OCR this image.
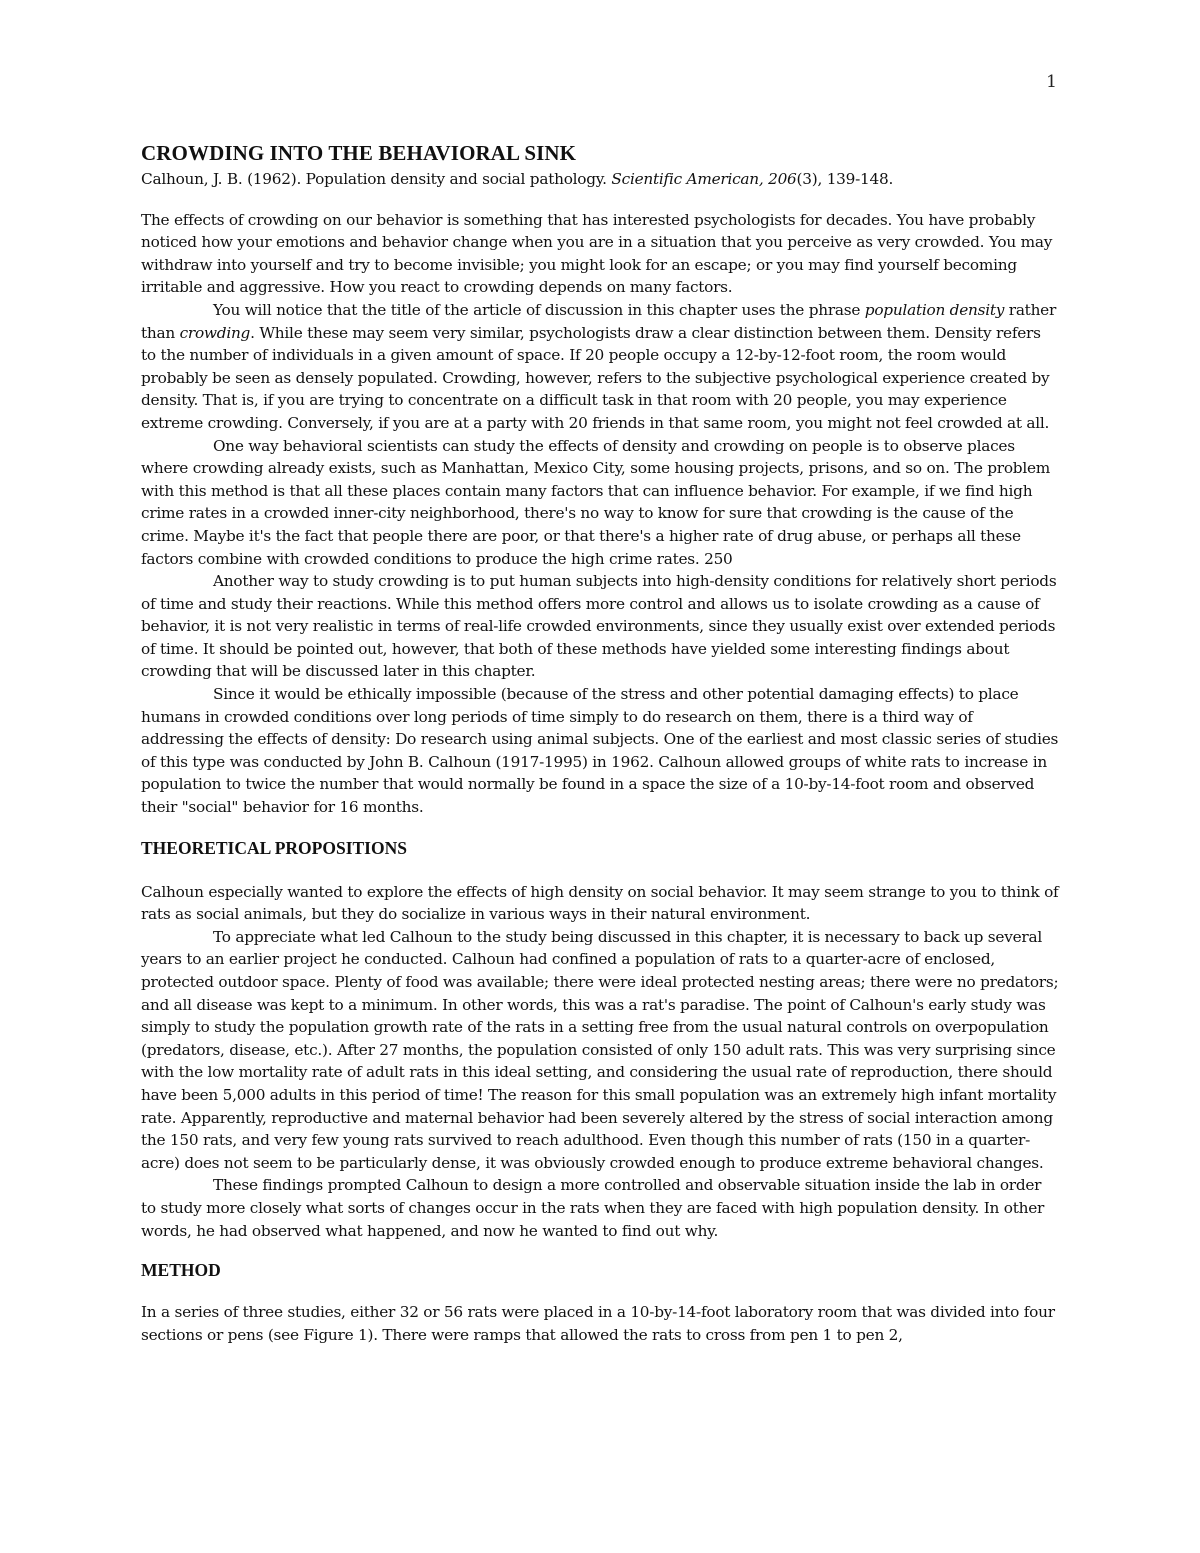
1
CROWDING INTO THE BEHAVIORAL SINK

Calhoun, J. B. (1962). Population density and social pathology. Scientific American, 206(3), 139-148.

The effects of crowding on our behavior is something that has interested psychologists for decades. You have probably noticed how your emotions and behavior change when you are in a situation that you perceive as very crowded. You may withdraw into yourself and try to become invisible; you might look for an escape; or you may find yourself becoming irritable and aggressive. How you react to crowding depends on many factors.

You will notice that the title of the article of discussion in this chapter uses the phrase population density rather than crowding. While these may seem very similar, psychologists draw a clear distinction between them. Density refers to the number of individuals in a given amount of space. If 20 people occupy a 12-by-12-foot room, the room would probably be seen as densely populated. Crowding, however, refers to the subjective psychological experience created by density. That is, if you are trying to concentrate on a difficult task in that room with 20 people, you may experience extreme crowding. Conversely, if you are at a party with 20 friends in that same room, you might not feel crowded at all.

One way behavioral scientists can study the effects of density and crowding on people is to observe places where crowding already exists, such as Manhattan, Mexico City, some housing projects, prisons, and so on. The problem with this method is that all these places contain many factors that can influence behavior. For example, if we find high crime rates in a crowded inner-city neighborhood, there's no way to know for sure that crowding is the cause of the crime. Maybe it's the fact that people there are poor, or that there's a higher rate of drug abuse, or perhaps all these factors combine with crowded conditions to produce the high crime rates. 250

Another way to study crowding is to put human subjects into high-density conditions for relatively short periods of time and study their reactions. While this method offers more control and allows us to isolate crowding as a cause of behavior, it is not very realistic in terms of real-life crowded environments, since they usually exist over extended periods of time. It should be pointed out, however, that both of these methods have yielded some interesting findings about crowding that will be discussed later in this chapter.

Since it would be ethically impossible (because of the stress and other potential damaging effects) to place humans in crowded conditions over long periods of time simply to do research on them, there is a third way of addressing the effects of density: Do research using animal subjects. One of the earliest and most classic series of studies of this type was conducted by John B. Calhoun (1917-1995) in 1962. Calhoun allowed groups of white rats to increase in population to twice the number that would normally be found in a space the size of a 10-by-14-foot room and observed their "social" behavior for 16 months.

THEORETICAL PROPOSITIONS

Calhoun especially wanted to explore the effects of high density on social behavior. It may seem strange to you to think of rats as social animals, but they do socialize in various ways in their natural environment.

To appreciate what led Calhoun to the study being discussed in this chapter, it is necessary to back up several years to an earlier project he conducted. Calhoun had confined a population of rats to a quarter-acre of enclosed, protected outdoor space. Plenty of food was available; there were ideal protected nesting areas; there were no predators; and all disease was kept to a minimum. In other words, this was a rat's paradise. The point of Calhoun's early study was simply to study the population growth rate of the rats in a setting free from the usual natural controls on overpopulation (predators, disease, etc.). After 27 months, the population consisted of only 150 adult rats. This was very surprising since with the low mortality rate of adult rats in this ideal setting, and considering the usual rate of reproduction, there should have been 5,000 adults in this period of time! The reason for this small population was an extremely high infant mortality rate. Apparently, reproductive and maternal behavior had been severely altered by the stress of social interaction among the 150 rats, and very few young rats survived to reach adulthood. Even though this number of rats (150 in a quarter-acre) does not seem to be particularly dense, it was obviously crowded enough to produce extreme behavioral changes.

These findings prompted Calhoun to design a more controlled and observable situation inside the lab in order to study more closely what sorts of changes occur in the rats when they are faced with high population density. In other words, he had observed what happened, and now he wanted to find out why.

METHOD

In a series of three studies, either 32 or 56 rats were placed in a 10-by-14-foot laboratory room that was divided into four sections or pens (see Figure 1). There were ramps that allowed the rats to cross from pen 1 to pen 2,
